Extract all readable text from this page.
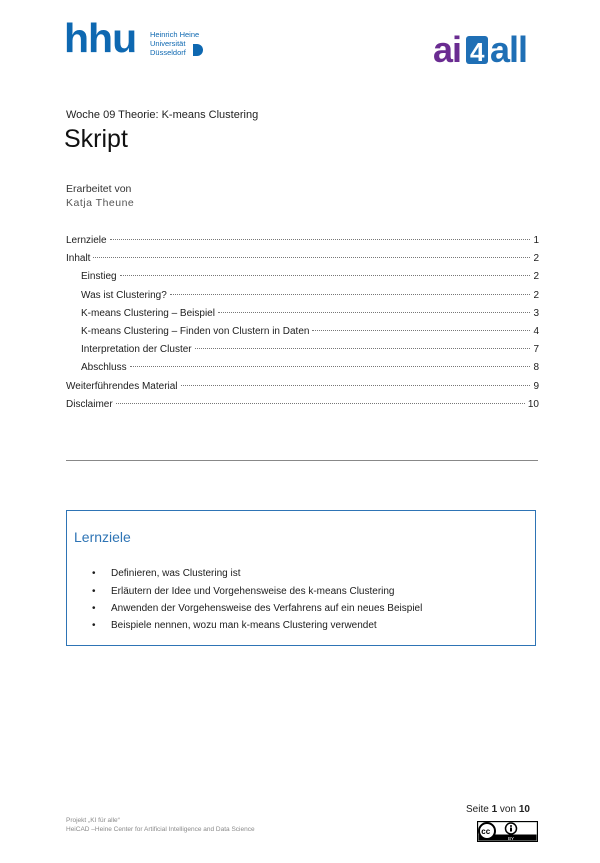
hhu Heinrich Heine
Universität
Düsseldorf	ai 4 all
Woche 09 Theorie: K-means Clustering
Skript
Erarbeitet von
Katja Theune
Lernziele	1
Inhalt	2
Einstieg	2
Was ist Clustering?	2
K-means Clustering – Beispiel	3
K-means Clustering – Finden von Clustern in Daten	4
Interpretation der Cluster	7
Abschluss	8
Weiterführendes Material	9
Disclaimer	10
Lernziele
•	Definieren, was Clustering ist
•	Erläutern der Idee und Vorgehensweise des k-means Clustering
•	Anwenden der Vorgehensweise des Verfahrens auf ein neues Beispiel
•	Beispiele nennen, wozu man k-means Clustering verwendet
Projekt „KI für alle“
HeiCAD –Heine Center for Artificial Intelligence and Data Science
Seite 1 von 10
cc
BY
